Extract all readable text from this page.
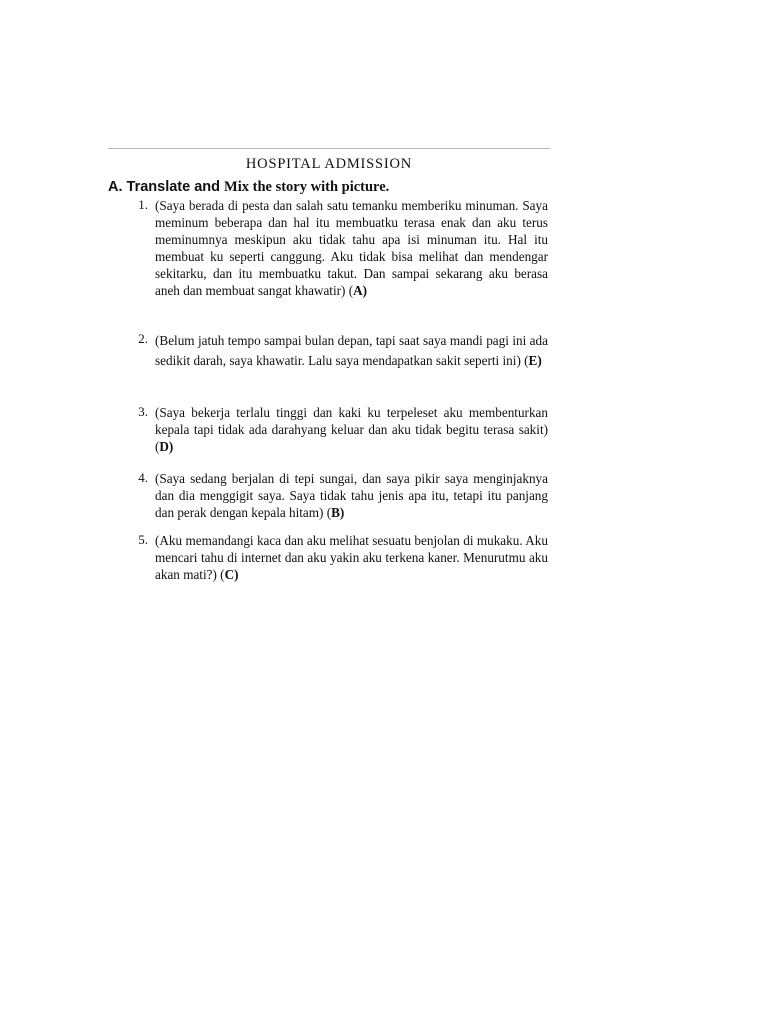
HOSPITAL ADMISSION
A. Translate and Mix the story with picture.
1. (Saya berada di pesta dan salah satu temanku memberiku minuman. Saya meminum beberapa dan hal itu membuatku terasa enak dan aku terus meminumnya meskipun aku tidak tahu apa isi minuman itu. Hal itu membuat ku seperti canggung. Aku tidak bisa melihat dan mendengar sekitarku, dan itu membuatku takut. Dan sampai sekarang aku berasa aneh dan membuat sangat khawatir) (A)
2. (Belum jatuh tempo sampai bulan depan, tapi saat saya mandi pagi ini ada sedikit darah, saya khawatir. Lalu saya mendapatkan sakit seperti ini) (E)
3. (Saya bekerja terlalu tinggi dan kaki ku terpeleset aku membenturkan kepala tapi tidak ada darahyang keluar dan aku tidak begitu terasa sakit) (D)
4. (Saya sedang berjalan di tepi sungai, dan saya pikir saya menginjaknya dan dia menggigit saya. Saya tidak tahu jenis apa itu, tetapi itu panjang dan perak dengan kepala hitam) (B)
5. (Aku memandangi kaca dan aku melihat sesuatu benjolan di mukaku. Aku mencari tahu di internet dan aku yakin aku terkena kaner. Menurutmu aku akan mati?) (C)
